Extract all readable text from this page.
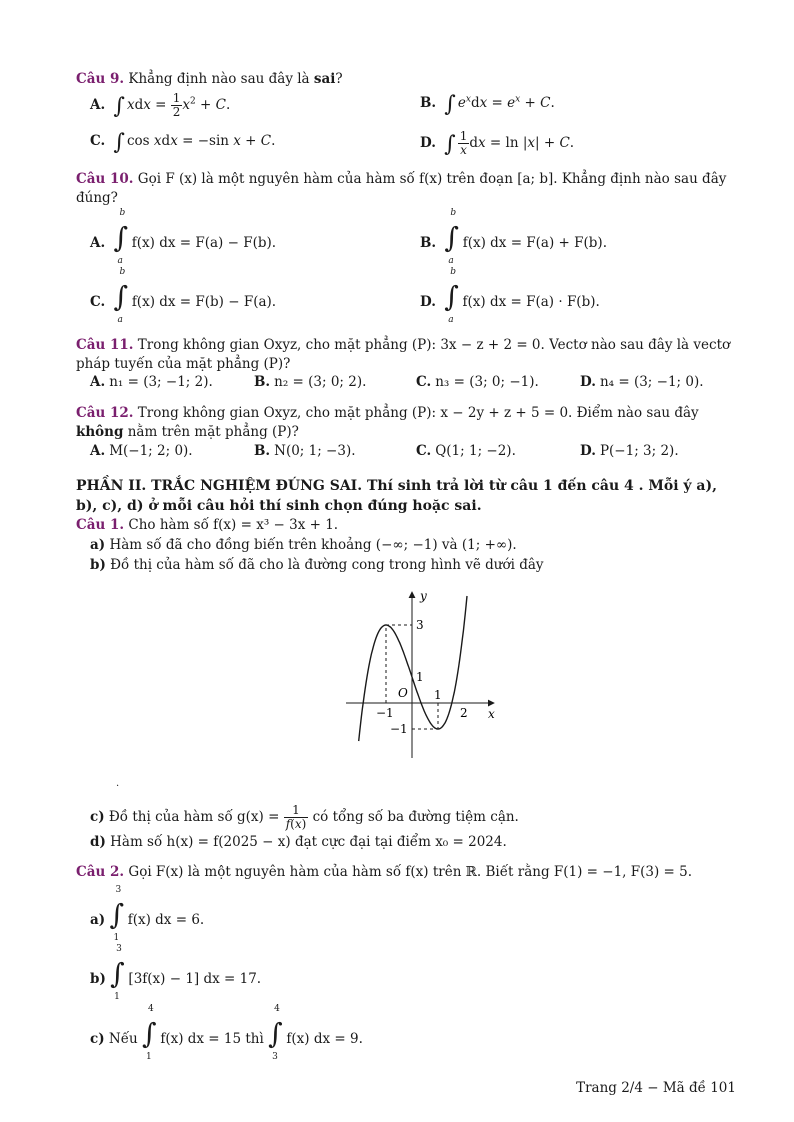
Câu 9. Khẳng định nào sau đây là sai?
A. ∫ xdx = $\frac{1}{2} x^2 + C$.	B. ∫ $e^xdx = e^x + C$.
C. ∫ cos xdx = −sin x + C.	D. ∫ $\frac{1}{x}$ dx = ln |x| + C.
Câu 10. Gọi F (x) là một nguyên hàm của hàm số f(x) trên đoạn [a; b]. Khẳng định nào sau đây đúng?
A.
b
∫
a
f(x) dx = F(a) − F(b).	B.
b
∫
a
f(x) dx = F(a) + F(b).
C.
b
∫
a
f(x) dx = F(b) − F(a).	D.
b
∫
a
f(x) dx = F(a) · F(b).
Câu 11. Trong không gian Oxyz, cho mặt phẳng (P): 3x − z + 2 = 0. Vectơ nào sau đây là vectơ pháp tuyến của mặt phẳng (P)?
A. n₁ = (3; −1; 2).	B. n₂ = (3; 0; 2).	C. n₃ = (3; 0; −1).	D. n₄ = (3; −1; 0).
Câu 12. Trong không gian Oxyz, cho mặt phẳng (P): x − 2y + z + 5 = 0. Điểm nào sau đây không nằm trên mặt phẳng (P)?
A. M(−1; 2; 0).	B. N(0; 1; −3).	C. Q(1; 1; −2).	D. P(−1; 3; 2).
PHẦN II. TRẮC NGHIỆM ĐÚNG SAI. Thí sinh trả lời từ câu 1 đến câu 4 . Mỗi ý a), b), c), d) ở mỗi câu hỏi thí sinh chọn đúng hoặc sai.
Câu 1. Cho hàm số f(x) = x³ − 3x + 1.
a) Hàm số đã cho đồng biến trên khoảng (−∞; −1) và (1; +∞).
b) Đồ thị của hàm số đã cho là đường cong trong hình vẽ dưới đây
y
x
O
3
1
1
−1	2
−1
.
c) Đồ thị của hàm số $g(x) = \frac{1}{f(x)}$ có tổng số ba đường tiệm cận.
d) Hàm số h(x) = f(2025 − x) đạt cực đại tại điểm x₀ = 2024.
Câu 2. Gọi F(x) là một nguyên hàm của hàm số f(x) trên ℝ. Biết rằng F(1) = −1, F(3) = 5.
a)
3
∫
1
f(x) dx = 6.
b)
3
∫
1
[3f(x) − 1] dx = 17.
c) Nếu
4
∫
1
f(x) dx = 15 thì
4
∫
3
f(x) dx = 9.
Trang 2/4 − Mã đề 101
